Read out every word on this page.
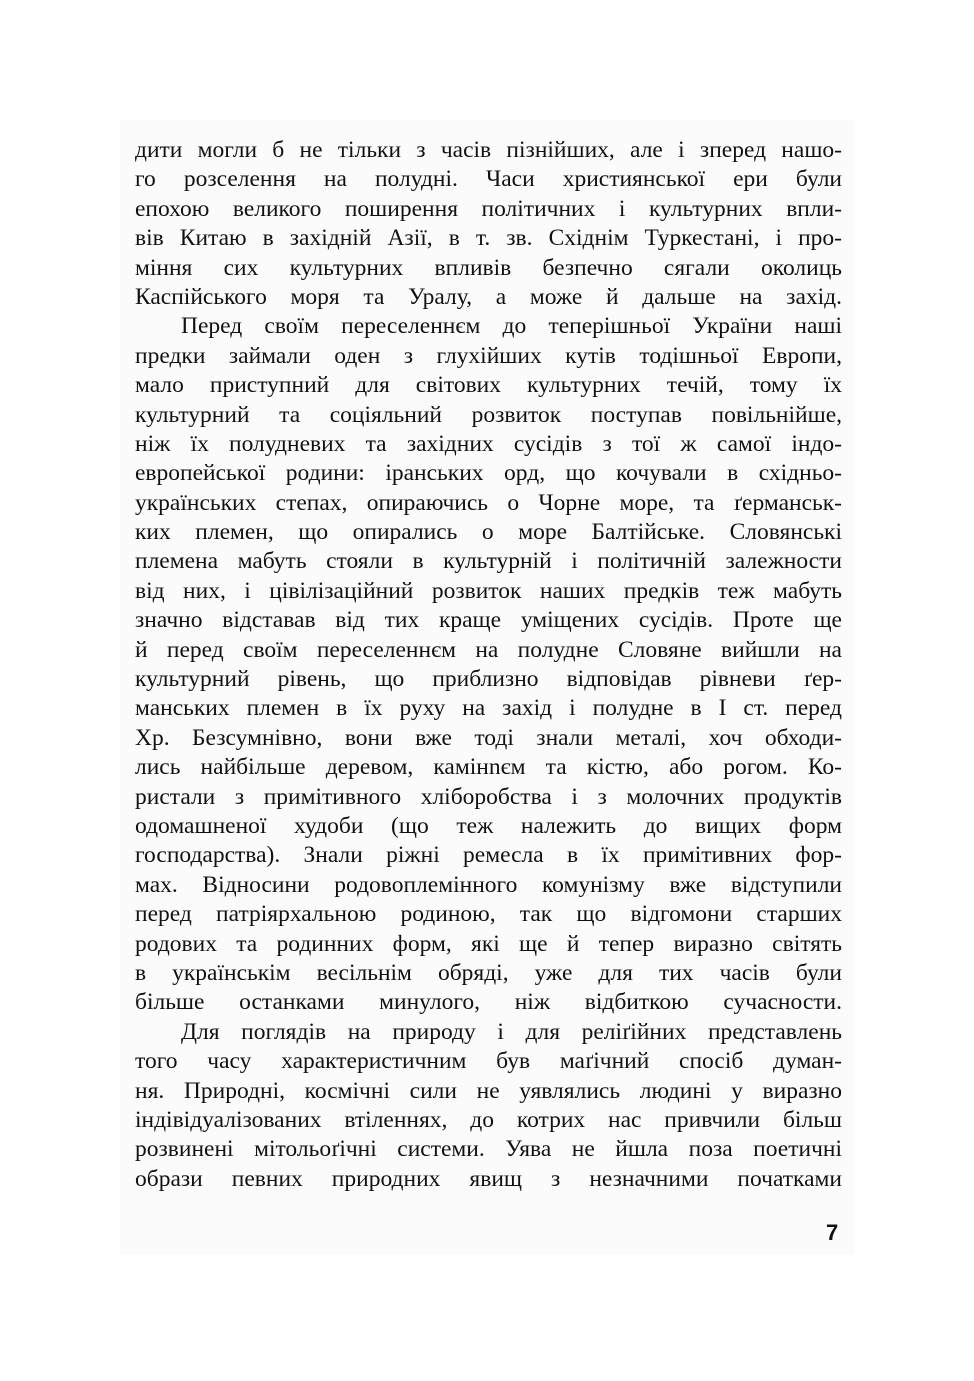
дити могли б не тільки з часів пізнійших, але і зперед нашо-
го розселення на полудні. Часи християнської ери були
епохою великого поширення політичних і культурних впли-
вів Китаю в західній Азії, в т. зв. Східнім Туркестані, і про-
міння сих культурних впливів безпечно сягали околиць
Каспійського моря та Уралу, а може й дальше на захід.
Перед своїм переселеннєм до теперішньої України наші
предки займали оден з глухійших кутів тодішньої Европи,
мало приступний для світових культурних течій, тому їх
культурний та соціяльний розвиток поступав повільнійше,
ніж їх полудневих та західних сусідів з тої ж самої індо-
европейської родини: іранських орд, що кочували в східньо-
українських степах, опираючись о Чорне море, та ґерманськ-
ких племен, що опирались о море Балтійське. Словянські
племена мабуть стояли в культурній і політичній залежности
від них, і цівілізаційний розвиток наших предків теж мабуть
значно відставав від тих краще уміщених сусідів. Проте ще
й перед своїм переселеннєм на полудне Словяне вийшли на
культурний рівень, що приблизно відповідав рівневи ґер-
манських племен в їх руху на захід і полудне в І ст. перед
Хр. Безсумнівно, вони вже тоді знали металі, хоч обходи-
лись найбільше деревом, камінnєм та кістю, або рогом. Ко-
ристали з примітивного хліборобства і з молочних продуктів
одомашненої худоби (що теж належить до вищих форм
господарства). Знали ріжні ремесла в їх примітивних фор-
мах. Відносини родовоплемінного комунізму вже відступили
перед патріярхальною родиною, так що відгомони старших
родових та родинних форм, які ще й тепер виразно світять
в українськім весільнім обряді, уже для тих часів були
більше останками минулого, ніж відбиткою сучасности.
Для поглядів на природу і для реліґійних представлень
того часу характеристичним був маґічний спосіб думан-
ня. Природні, космічні сили не уявлялись людині у виразно
індівідуалізованих втіленнях, до котрих нас привчили більш
розвинені мітольоґічні системи. Уява не йшла поза поетичні
образи певних природних явищ з незначними початками
7
